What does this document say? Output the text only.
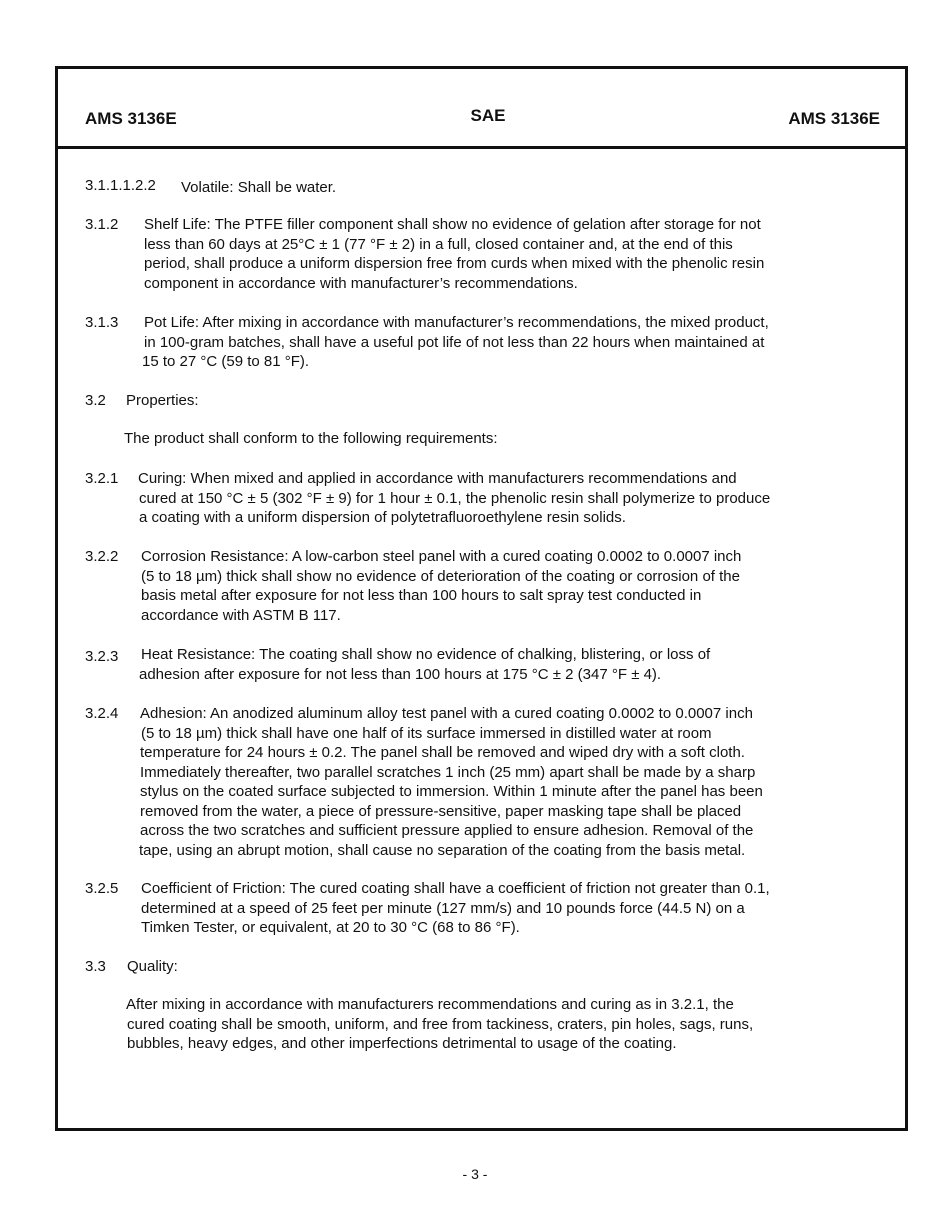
AMS 3136E	SAE	AMS 3136E
3.1.1.1.2.2 Volatile: Shall be water.
3.1.2 Shelf Life: The PTFE filler component shall show no evidence of gelation after storage for not
less than 60 days at 25°C ± 1 (77 °F ± 2) in a full, closed container and, at the end of this
period, shall produce a uniform dispersion free from curds when mixed with the phenolic resin
component in accordance with manufacturer’s recommendations.
3.1.3 Pot Life: After mixing in accordance with manufacturer’s recommendations, the mixed product,
in 100-gram batches, shall have a useful pot life of not less than 22 hours when maintained at
15 to 27 °C (59 to 81 °F).
3.2 Properties:
The product shall conform to the following requirements:
3.2.1 Curing: When mixed and applied in accordance with manufacturers recommendations and
cured at 150 °C ± 5 (302 °F ± 9) for 1 hour ± 0.1, the phenolic resin shall polymerize to produce
a coating with a uniform dispersion of polytetrafluoroethylene resin solids.
3.2.2 Corrosion Resistance: A low-carbon steel panel with a cured coating 0.0002 to 0.0007 inch
(5 to 18 µm) thick shall show no evidence of deterioration of the coating or corrosion of the
basis metal after exposure for not less than 100 hours to salt spray test conducted in
accordance with ASTM B 117.
3.2.3 Heat Resistance: The coating shall show no evidence of chalking, blistering, or loss of
adhesion after exposure for not less than 100 hours at 175 °C ± 2 (347 °F ± 4).
3.2.4 Adhesion: An anodized aluminum alloy test panel with a cured coating 0.0002 to 0.0007 inch
(5 to 18 µm) thick shall have one half of its surface immersed in distilled water at room
temperature for 24 hours ± 0.2. The panel shall be removed and wiped dry with a soft cloth.
Immediately thereafter, two parallel scratches 1 inch (25 mm) apart shall be made by a sharp
stylus on the coated surface subjected to immersion. Within 1 minute after the panel has been
removed from the water, a piece of pressure-sensitive, paper masking tape shall be placed
across the two scratches and sufficient pressure applied to ensure adhesion. Removal of the
tape, using an abrupt motion, shall cause no separation of the coating from the basis metal.
3.2.5 Coefficient of Friction: The cured coating shall have a coefficient of friction not greater than 0.1,
determined at a speed of 25 feet per minute (127 mm/s) and 10 pounds force (44.5 N) on a
Timken Tester, or equivalent, at 20 to 30 °C (68 to 86 °F).
3.3 Quality:
After mixing in accordance with manufacturers recommendations and curing as in 3.2.1, the
cured coating shall be smooth, uniform, and free from tackiness, craters, pin holes, sags, runs,
bubbles, heavy edges, and other imperfections detrimental to usage of the coating.
- 3 -
